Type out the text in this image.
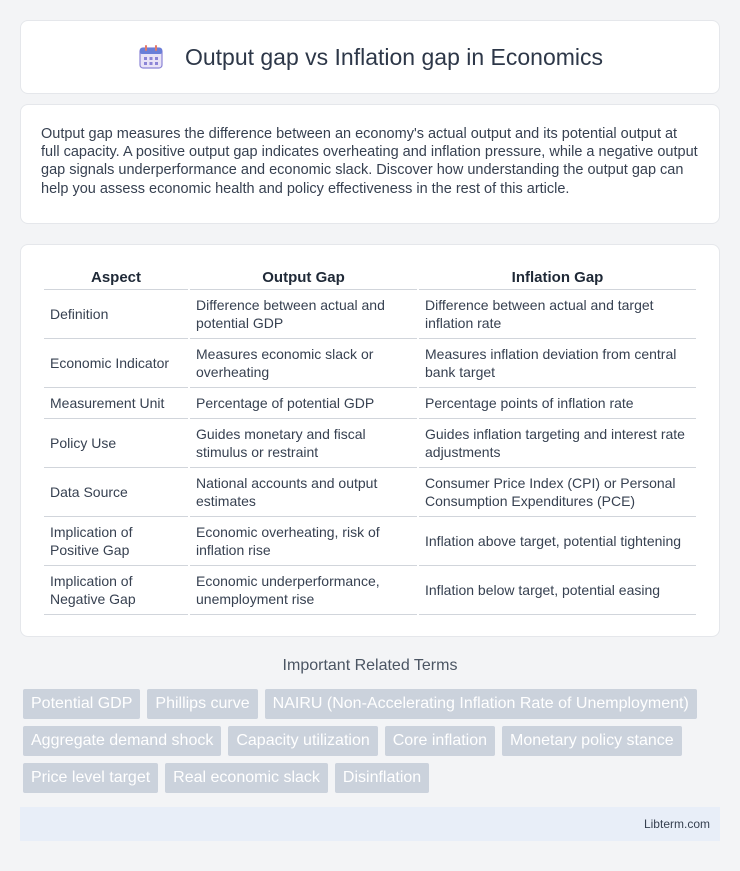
Output gap vs Inflation gap in Economics

Output gap measures the difference between an economy's actual output and its potential output at full capacity. A positive output gap indicates overheating and inflation pressure, while a negative output gap signals underperformance and economic slack. Discover how understanding the output gap can help you assess economic health and policy effectiveness in the rest of this article.

Aspect	Output Gap	Inflation Gap
Definition	Difference between actual and potential GDP	Difference between actual and target inflation rate
Economic Indicator	Measures economic slack or overheating	Measures inflation deviation from central bank target
Measurement Unit	Percentage of potential GDP	Percentage points of inflation rate
Policy Use	Guides monetary and fiscal stimulus or restraint	Guides inflation targeting and interest rate adjustments
Data Source	National accounts and output estimates	Consumer Price Index (CPI) or Personal Consumption Expenditures (PCE)
Implication of Positive Gap	Economic overheating, risk of inflation rise	Inflation above target, potential tightening
Implication of Negative Gap	Economic underperformance, unemployment rise	Inflation below target, potential easing
Important Related Terms
Potential GDP	Phillips curve	NAIRU (Non-Accelerating Inflation Rate of Unemployment)
Aggregate demand shock	Capacity utilization	Core inflation	Monetary policy stance
Price level target	Real economic slack	Disinflation
Libterm.com
